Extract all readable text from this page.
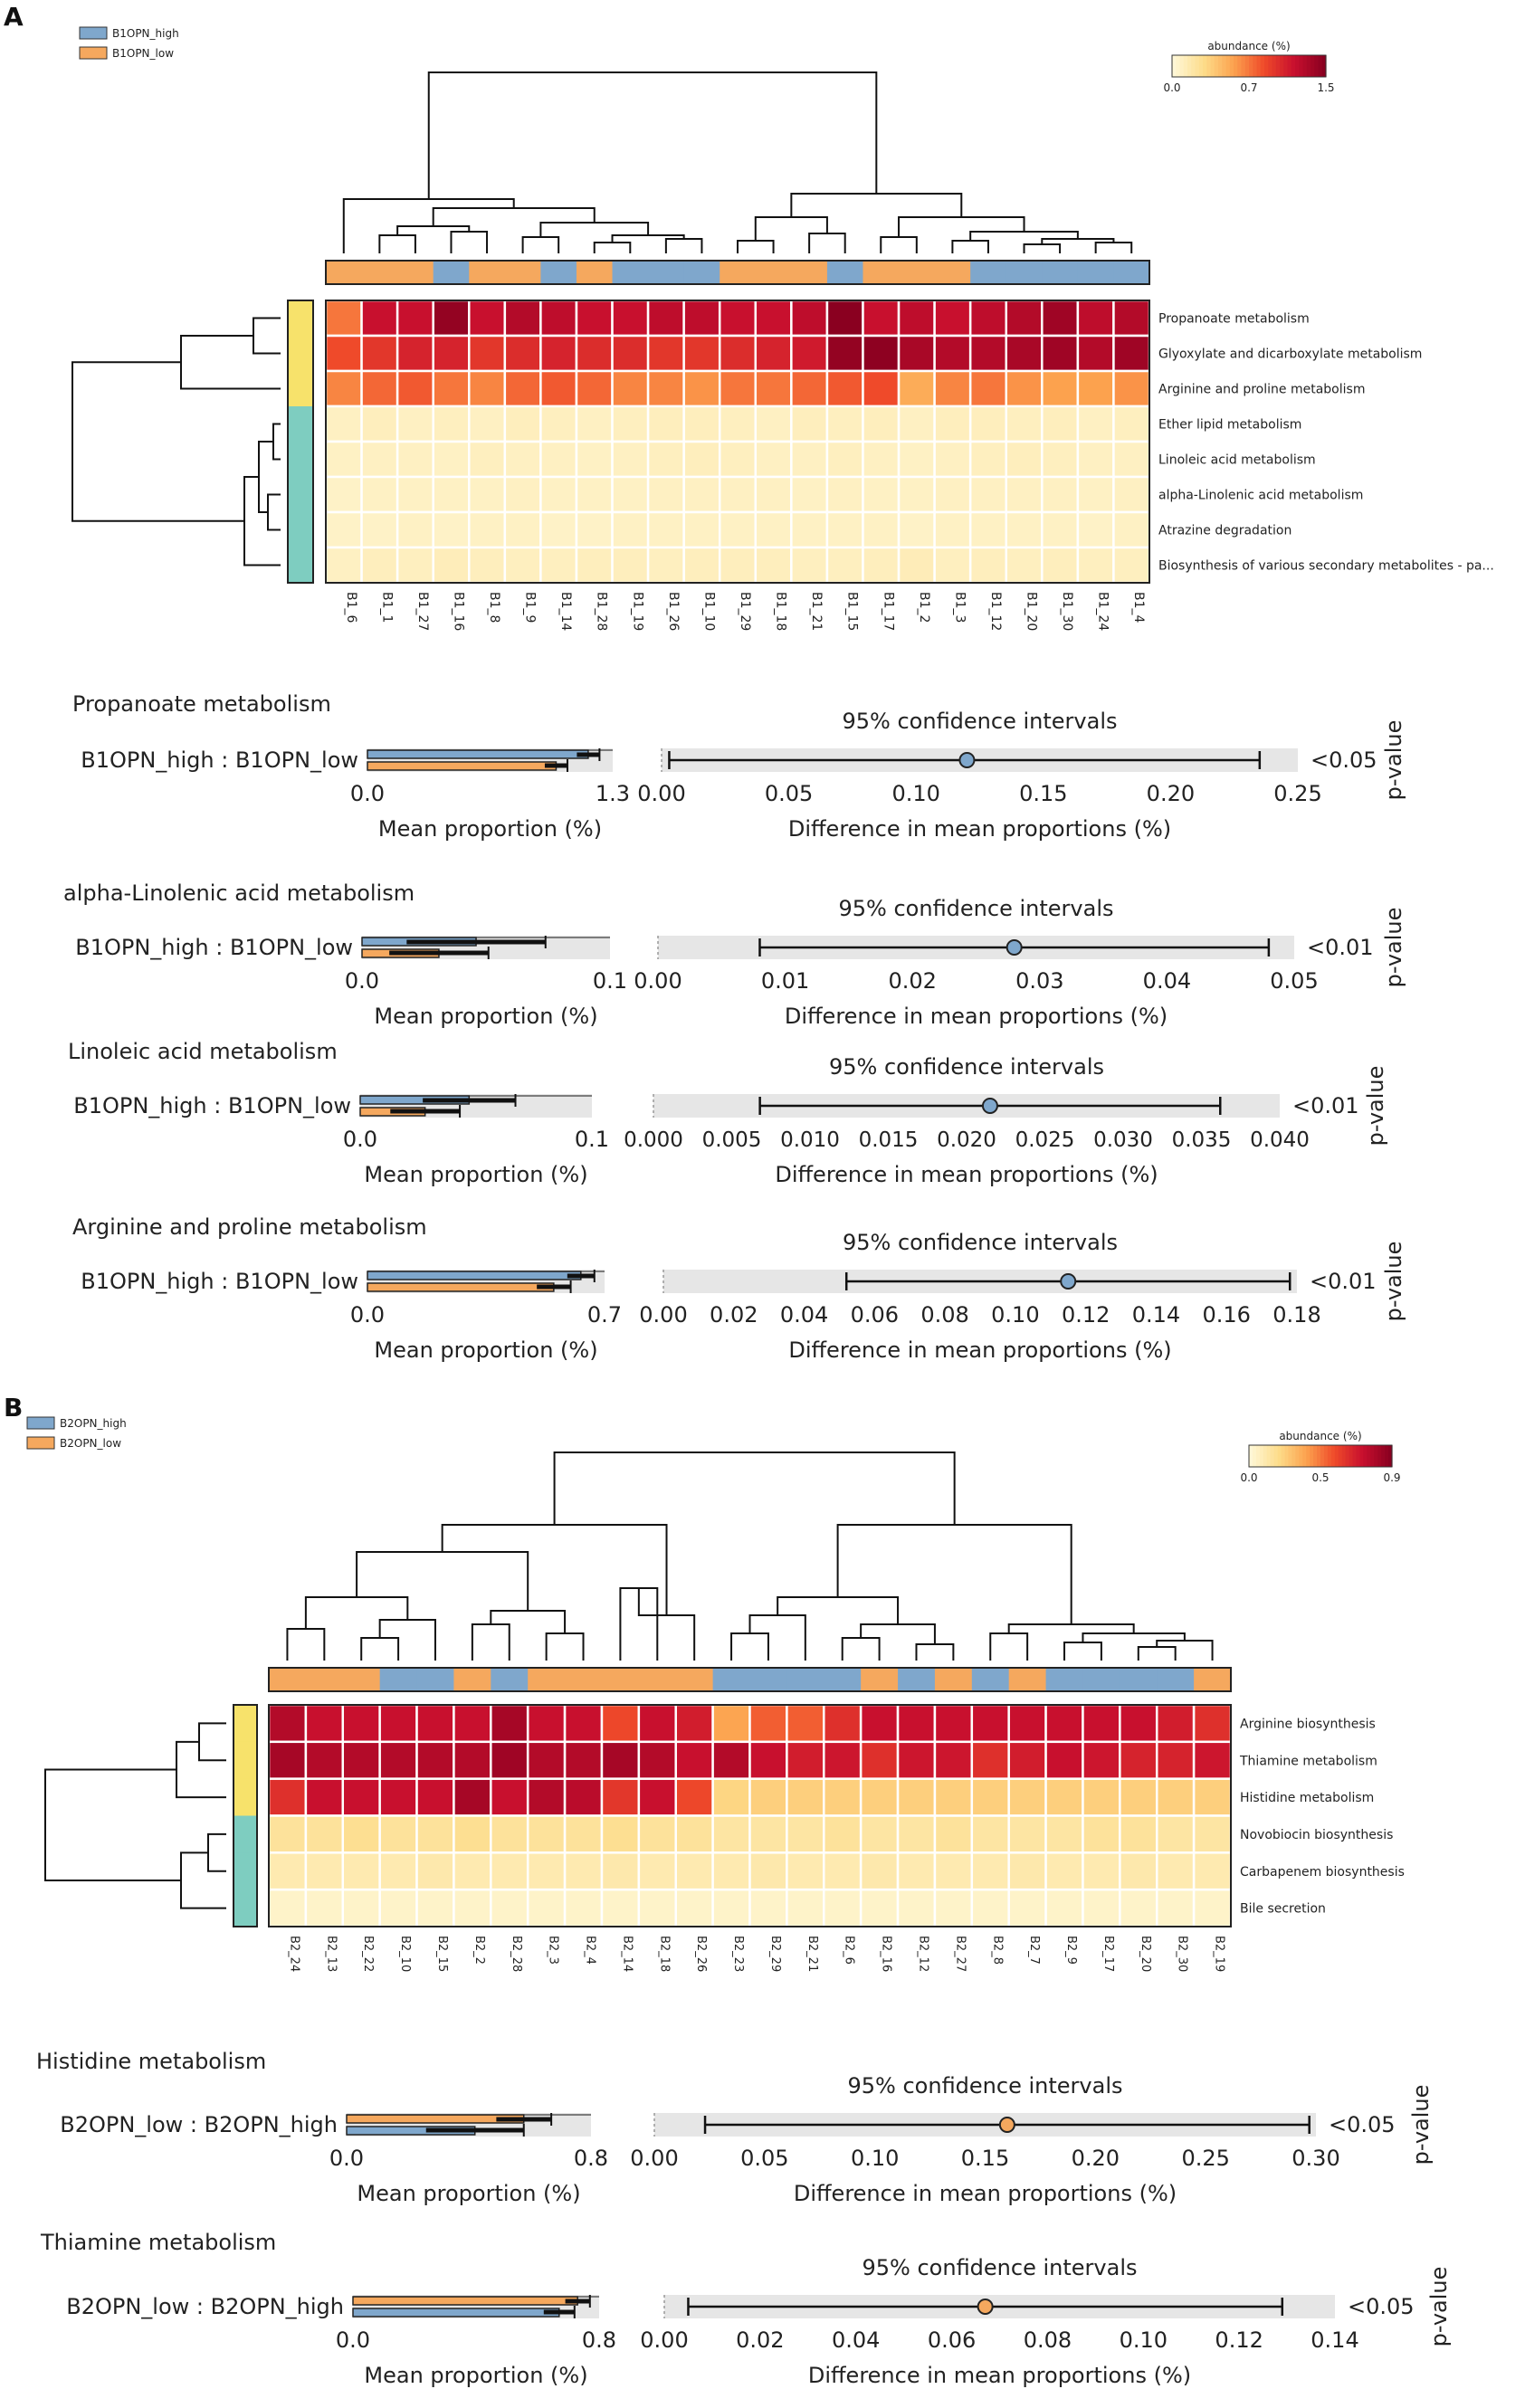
A
B1OPN_high
B1OPN_low
abundance (%)
0.0	0.7	1.5
Propanoate metabolism
Glyoxylate and dicarboxylate metabolism
Arginine and proline metabolism
Ether lipid metabolism
Linoleic acid metabolism
alpha-Linolenic acid metabolism
Atrazine degradation
Biosynthesis of various secondary metabolites - pa...
B1_6 B1_1 B1_27 B1_16 B1_8 B1_9 B1_14 B1_28 B1_19 B1_26 B1_10 B1_29 B1_18 B1_21 B1_15 B1_17 B1_2 B1_3 B1_12 B1_20 B1_30 B1_24 B1_4
Propanoate metabolism
B1OPN_high : B1OPN_low
0.0	1.3
Mean proportion (%)
95% confidence intervals
0.00	0.05	0.10	0.15	0.20	0.25
Difference in mean proportions (%)
<0.05 p-value
alpha-Linolenic acid metabolism
B1OPN_high : B1OPN_low
0.0	0.1
Mean proportion (%)
95% confidence intervals
0.00	0.01	0.02	0.03	0.04	0.05
Difference in mean proportions (%)
<0.01 p-value
Linoleic acid metabolism
B1OPN_high : B1OPN_low
0.0	0.1
Mean proportion (%)
95% confidence intervals
0.000 0.005 0.010 0.015 0.020 0.025 0.030 0.035 0.040
Difference in mean proportions (%)
<0.01 p-value
Arginine and proline metabolism
B1OPN_high : B1OPN_low
0.0	0.7
Mean proportion (%)
95% confidence intervals
0.00 0.02 0.04 0.06 0.08 0.10 0.12 0.14 0.16 0.18
Difference in mean proportions (%)
<0.01 p-value
Histidine metabolism
B2OPN_low : B2OPN_high
0.0	0.8
Mean proportion (%)
95% confidence intervals
0.00	0.05	0.10	0.15	0.20	0.25	0.30
Difference in mean proportions (%)
<0.05 p-value
Thiamine metabolism
B2OPN_low : B2OPN_high
0.0	0.8
Mean proportion (%)
95% confidence intervals
0.00 0.02 0.04 0.06 0.08 0.10 0.12 0.14
Difference in mean proportions (%)
<0.05 p-value
B
B2OPN_high
B2OPN_low
abundance (%)
0.0	0.5	0.9
Arginine biosynthesis
Thiamine metabolism
Histidine metabolism
Novobiocin biosynthesis
Carbapenem biosynthesis
Bile secretion
B2_24 B2_13 B2_22 B2_10 B2_15 B2_2 B2_28 B2_3 B2_4 B2_14 B2_18 B2_26 B2_23 B2_29 B2_21 B2_6 B2_16 B2_12 B2_27 B2_8 B2_7 B2_9 B2_17 B2_20 B2_30 B2_19
